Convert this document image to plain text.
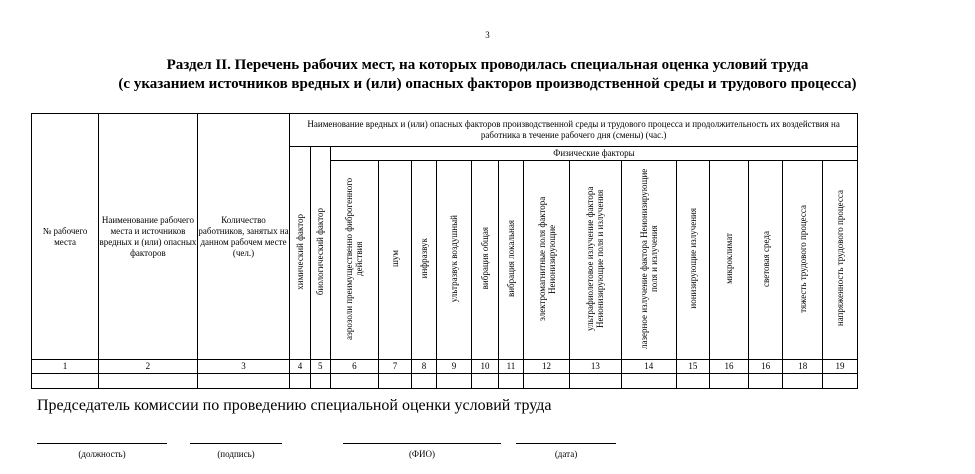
3
Раздел II. Перечень рабочих мест, на которых проводилась специальная оценка условий труда
(с указанием источников вредных и (или) опасных факторов производственной среды и трудового процесса)
№ рабочего места	Наименование рабочего места и источников вредных и (или) опасных факторов	Количество работников, занятых на данном рабочем месте (чел.)	Наименование вредных и (или) опасных факторов производственной среды и трудового процесса и продолжительность их воздействия на работника в течение рабочего дня (смены) (час.)															
			химический фактор	биологический фактор	Физические факторы													
					аэрозоли преимущественно фиброгенного действия	шум	инфразвук	ультразвук воздушный	вибрация общая	вибрация локальная	электромагнитные поля фактора Неионизирующие	ультрафиолетовое излучение фактора Неионизирующие поля и излучения	лазерное излучение фактора Неионизирующие поля и излучения	ионизирующие излучения	микроклимат	световая среда	тяжесть трудового процесса	напряженность трудового процесса
1	2	3	4	5	6	7	8	9	10	11	12	13	14	15	16	16	18	19

Председатель комиссии по проведению специальной оценки условий труда
(должность)	(подпись)	(ФИО)	(дата)
